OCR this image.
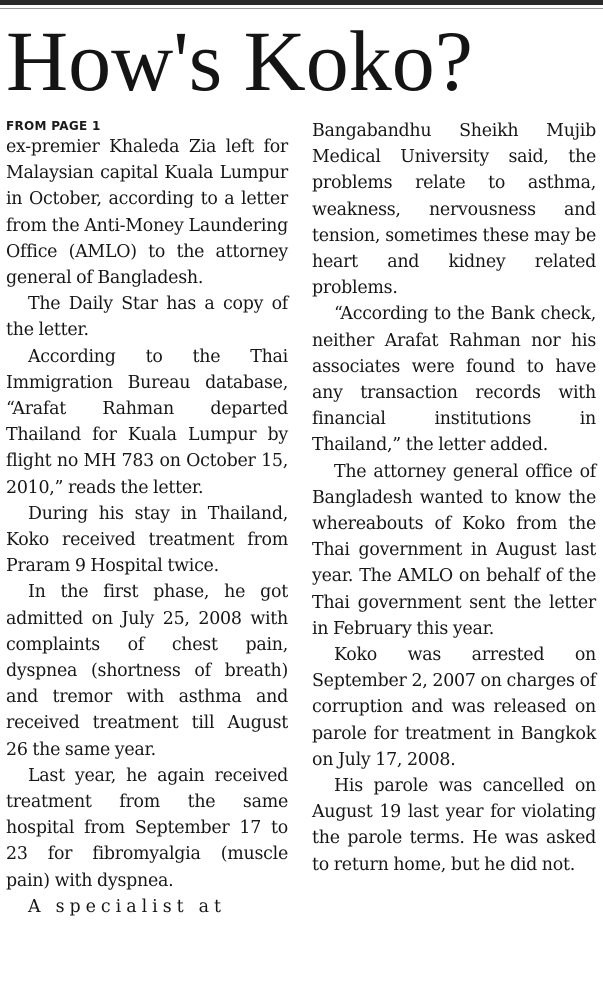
How's Koko?
FROM PAGE 1

ex-premier Khaleda Zia left for Malaysian capital Kuala Lumpur in October, according to a letter from the Anti-Money Laundering Office (AMLO) to the attorney general of Bangladesh.

The Daily Star has a copy of the letter.

According to the Thai Immigration Bureau database, “Arafat Rahman departed Thailand for Kuala Lumpur by flight no MH 783 on October 15, 2010,” reads the letter.

During his stay in Thailand, Koko received treatment from Praram 9 Hospital twice.

In the first phase, he got admitted on July 25, 2008 with complaints of chest pain, dyspnea (shortness of breath) and tremor with asthma and received treatment till August 26 the same year.

Last year, he again received treatment from the same hospital from September 17 to 23 for fibromyalgia (muscle pain) with dyspnea.

A specialist at

Bangabandhu Sheikh Mujib Medical University said, the problems relate to asthma, weakness, nervousness and tension, sometimes these may be heart and kidney related problems.

“According to the Bank check, neither Arafat Rahman nor his associates were found to have any transaction records with financial institutions in Thailand,” the letter added.

The attorney general office of Bangladesh wanted to know the whereabouts of Koko from the Thai government in August last year. The AMLO on behalf of the Thai government sent the letter in February this year.

Koko was arrested on September 2, 2007 on charges of corruption and was released on parole for treatment in Bangkok on July 17, 2008.

His parole was cancelled on August 19 last year for violating the parole terms. He was asked to return home, but he did not.
